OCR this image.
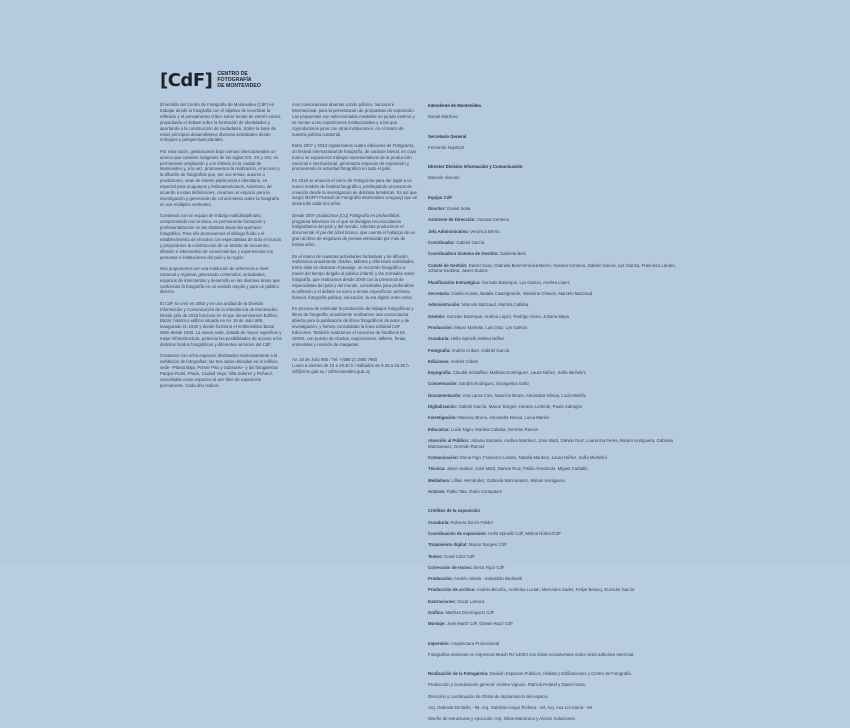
[CdF] CENTRO DE
FOTOGRAFÍA
DE MONTEVIDEO

El sentido del Centro de Fotografía de Montevideo (CdF) es trabajar desde la fotografía con el objetivo de incentivar la reflexión y el pensamiento crítico sobre temas de interés social, propiciando el debate sobre la formación de identidades y aportando a la construcción de ciudadanía. Sobre la base de estos principios desarrollamos diversas actividades desde enfoques y perspectivas plurales.

Por esta razón, gestionamos bajo normas internacionales un acervo que contiene imágenes de los siglos XIX, XX y XXI, en permanente ampliación y con énfasis en la ciudad de Montevideo y, a la vez, promovemos la realización, el acceso y la difusión de fotografías que, por sus temas, autores o productores, sean de interés patrimonial e identitario, en especial para uruguayos y latinoamericanos. Asimismo, de acuerdo a estas definiciones, creamos un espacio para la investigación y generación de conocimiento sobre la fotografía en sus múltiples vertientes.

Contamos con un equipo de trabajo multidisciplinario, comprometido con la tarea, en permanente formación y profesionalización en las distintas áreas del quehacer fotográfico. Para ello promovemos el diálogo fluido y el establecimiento de vínculos con especialistas de todo el mundo y propiciamos la construcción de un ámbito de encuentro, difusión e intercambio de conocimientos y experiencias con personas e instituciones del país y la región.

Nos proponemos ser una institución de referencia a nivel nacional y regional, generando contenidos, actividades, espacios de intercambio y desarrollo en las diversas áreas que conforman la fotografía en un sentido amplio y para un público diverso.

El CdF se creó en 2002 y es una unidad de la División Información y Comunicación de la Intendencia de Montevideo. Desde julio de 2015 funciona en el que denominamos Edificio Bazar, histórico edificio situado en Av. 18 de Julio 885, inaugurado en 1932 y donde funcionó el emblemático Bazar Mitre desde 1940. La nueva sede, dotada de mayor superficie y mejor infraestructura, potencia las posibilidades de acceso a los distintos fondos fotográficos y diferentes servicios del CdF.

Contamos con ocho espacios destinados exclusivamente a la exhibición de fotografías: las tres salas ubicadas en el edificio sede –Planta Baja, Primer Piso y Subsuelo– y las fotogalerías Parque Rodó, Prado, Ciudad Vieja, Villa Dolores y Peñarol, concebidas como espacios al aire libre de exposición permanente. Cada año realiza-

mos convocatorias abiertas a todo público, nacional e internacional, para la presentación de propuestas de exposición. Las propuestas son seleccionadas mediante un jurado externo y se suman a las exposiciones institucionales y a las que coproducimos junto con otras instituciones, en el marco de nuestra política curatorial.

Entre 2007 y 2013 organizamos cuatro ediciones de Fotograma, un festival internacional de fotografía, de carácter bienal, en cuyo marco se expusieron trabajos representativos de la producción nacional e internacional, generando espacios de exposición y promoviendo la actividad fotográfica en todo el país.

En 2016 se anunció el cierre de Fotograma para dar lugar a un nuevo modelo de festival fotográfico, privilegiando procesos de creación desde la investigación de distintas temáticas. Es así que surgió MUFF! Festival de Fotografía Montevideo Uruguay) que se desarrolla cada tres años.

Desde 2007 producimos [CU] Fotografía en profundidad, programa televisivo en el que se divulgan reconocidas/os fotógrafas/os del país y del mundo. Además producimos el documental Al pie del árbol blanco, que cuenta el hallazgo de un gran archivo de negativos de prensa extraviado por más de treinta años.

En el marco de nuestras actividades formativas y de difusión, realizamos anualmente charlas, talleres y diferentes actividades. Entre ellas se destacan Fotoviaje, un recorrido fotográfico a través del tiempo dirigido al público infantil, y las Jornadas sobre fotografía, que realizamos desde 2005 con la presencia de especialistas del país y del mundo, concebidas para profundizar la reflexión y el debate en torno a temas específicos: archivos, historia, fotografía política, educación, la era digital, entre otros.

En procura de estimular la producción de trabajos fotográficos y libros de fotografía, anualmente realizamos una convocatoria abierta para la publicación de libros fotográficos de autor y de investigación, y hemos consolidado la línea editorial CdF Ediciones. También realizamos el concurso de fotolibros En UMVE, con puesto de charlas, exposiciones, talleres, ferias, entrevistas y revisión de maquetas.

Av. 18 de Julio 885 / Tel: +(598 2) 1950 7960
Lunes a viernes de 10 a 19.30 h / Sábados de 9.30 a 16.30 h
cdf@imm.gub.uy / cdfmontevideo.gub.uy

Intendente de Montevideo

Daniel Martínez

Secretario General

Fernando Nopitsch

Director División Información y Comunicación

Marcelo Visconti

Equipo CdF

Director: Daniel Sosa

Asistente de Dirección: Susana Centeno

Jefa Administrativa: Verónica Berrio

Coordinador: Gabriel García

Coordinadora Sistema de Gestión: Gabriela Belo

Comité de Gestión: Daniel Sosa, Gabriela Belo/Verónica Berrio, Susana Centeno, Gabriel García, Lys Gainza, Francisco Landro, Johana Santana, Javier Suárez

Planificación Estratégica: Gonzalo Bazerque, Lys Gainza, Andrea López

Secretaría: Gisela Acosta, Natalia Castelgrande, Valentina Chaves, Marcelo Mazzaud

Administración: Marcelo Mazzaud, Martina Callaba

Gestión: Gonzalo Bazerque, Andrea López, Rodrigo Vieira, Johana Maya

Producción: Mauro Martella, Luis Díaz, Lys Gainza

Curaduría: Hella Spinelli, Melina Núñez

Fotografía: Andrés Cribari, Gabriel García

Ediciones: Andrés Cribari

Espografía: Claudia Schiaffino, Mathías Domínguez, Laura Núñez, Sofía Michelini

Conservación: Sandra Rodríguez, Evangelina Gallo

Documentación: Ana Laura Cirio, Mauricio Bruno, Alexandra Nóvoa, Lucía Mariño

Digitalización: Gabriel García, Maicor Borges, Horacio Loriente, Paula Satragno

Investigación: Mauricio Bruno, Alexandra Nóvoa, Lucía Mariño

Educativa: Lucía Nigro, Martina Callaba, Germán Ramos

Atención al Público: Johana Santana, Andrea Martínez, José Martí, Darwin Ruiz, Lourenzia Peréa, Miriam Hortiguera, Gabriela Manzanarez, Germán Ramos

Comunicación: Elena Figo, Francisco Landro, Natalia Mardero, Laura Núñez, Sofía Michelini

Técnica: Javier Suárez, José Martí, Darwin Ruiz, Pablo Arredondo, Miguel Carballo

Mediateca: Lillian Hernández, Gabriela Manzanarez, Miriam Hortiguera

Actores: Pablo Tate, Darío Compatore

Créditos de la exposición

Curaduría: Roberto Zunzo Fabbri

Coordinación de exposición: Hella Spinelli/ CdF, Melina Núñez/CdF

Tratamiento digital: Maicor Borges/ CdF

Textos: Coral Cirio/ CdF

Corrección de textos: Elena Figo/ CdF

Producción: Andrés Varela - Sebastián Bednarik

Producción de archivo: Andrés Bicorbo, Andreína Lucian, Mercedes Sader, Felipe Belocq, Guzmán García

Ilustraciones: Oscar Larroca

Gráfica: Mathías Domínguez/ CdF

Montaje: José Martí/ CdF, Darwin Ruiz/ CdF

Impresión: Arquitectura Promocional

Fotografías impresas en impresora Mutoh RJ-1400X con tintas ecosolventes sobre vinilo adhesivo Intercoat.

Realización de la Fotogalería: División Espacios Públicos, Hábitat y Edificaciones y Centro de Fotografía.

Producción y coordinación general: Andrea Vignolo, Patricia Roland y Daniel Sosa.

Dirección y coordinación de Obras de implantación del espacio

Arq. Gabriela De Bello - IM, Arq. Gabriela Anaya Techera - IM, Arq. Ana Lía Sierra - IM.

Diseño de estructuras y ejecución: Arq. Silvia Marsicano y Alonso Soluciones.
